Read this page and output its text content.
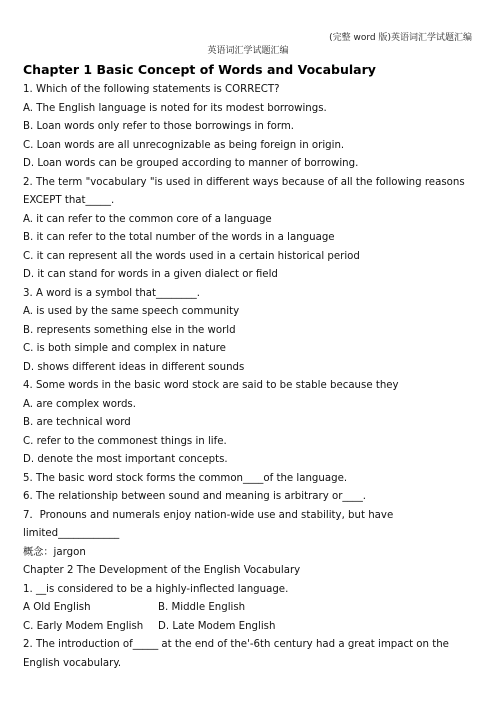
(完整 word 版)英语词汇学试题汇编
英语词汇学试题汇编
Chapter 1 Basic Concept of Words and Vocabulary
1. Which of the following statements is CORRECT?
A. The English language is noted for its modest borrowings.
B. Loan words only refer to those borrowings in form.
C. Loan words are all unrecognizable as being foreign in origin.
D. Loan words can be grouped according to manner of borrowing.
2. The term "vocabulary "is used in different ways because of all the following reasons EXCEPT that_____.
A. it can refer to the common core of a language
B. it can refer to the total number of the words in a language
C. it can represent all the words used in a certain historical period
D. it can stand for words in a given dialect or field
3. A word is a symbol that________.
A. is used by the same speech community
B. represents something else in the world
C. is both simple and complex in nature
D. shows different ideas in different sounds
4. Some words in the basic word stock are said to be stable because they
A. are complex words.
B. are technical word
C. refer to the commonest things in life.
D. denote the most important concepts.
5. The basic word stock forms the common____of the language.
6. The relationship between sound and meaning is arbitrary or____.
7．Pronouns and numerals enjoy nation-wide use and stability, but have limited____________
概念：jargon
Chapter 2 The Development of the English Vocabulary
1. __is considered to be a highly-inflected language.
A Old English	B. Middle English
C. Early Modem English D. Late Modem English
2. The introduction of_____ at the end of the'-6th century had a great impact on the English vocabulary.
